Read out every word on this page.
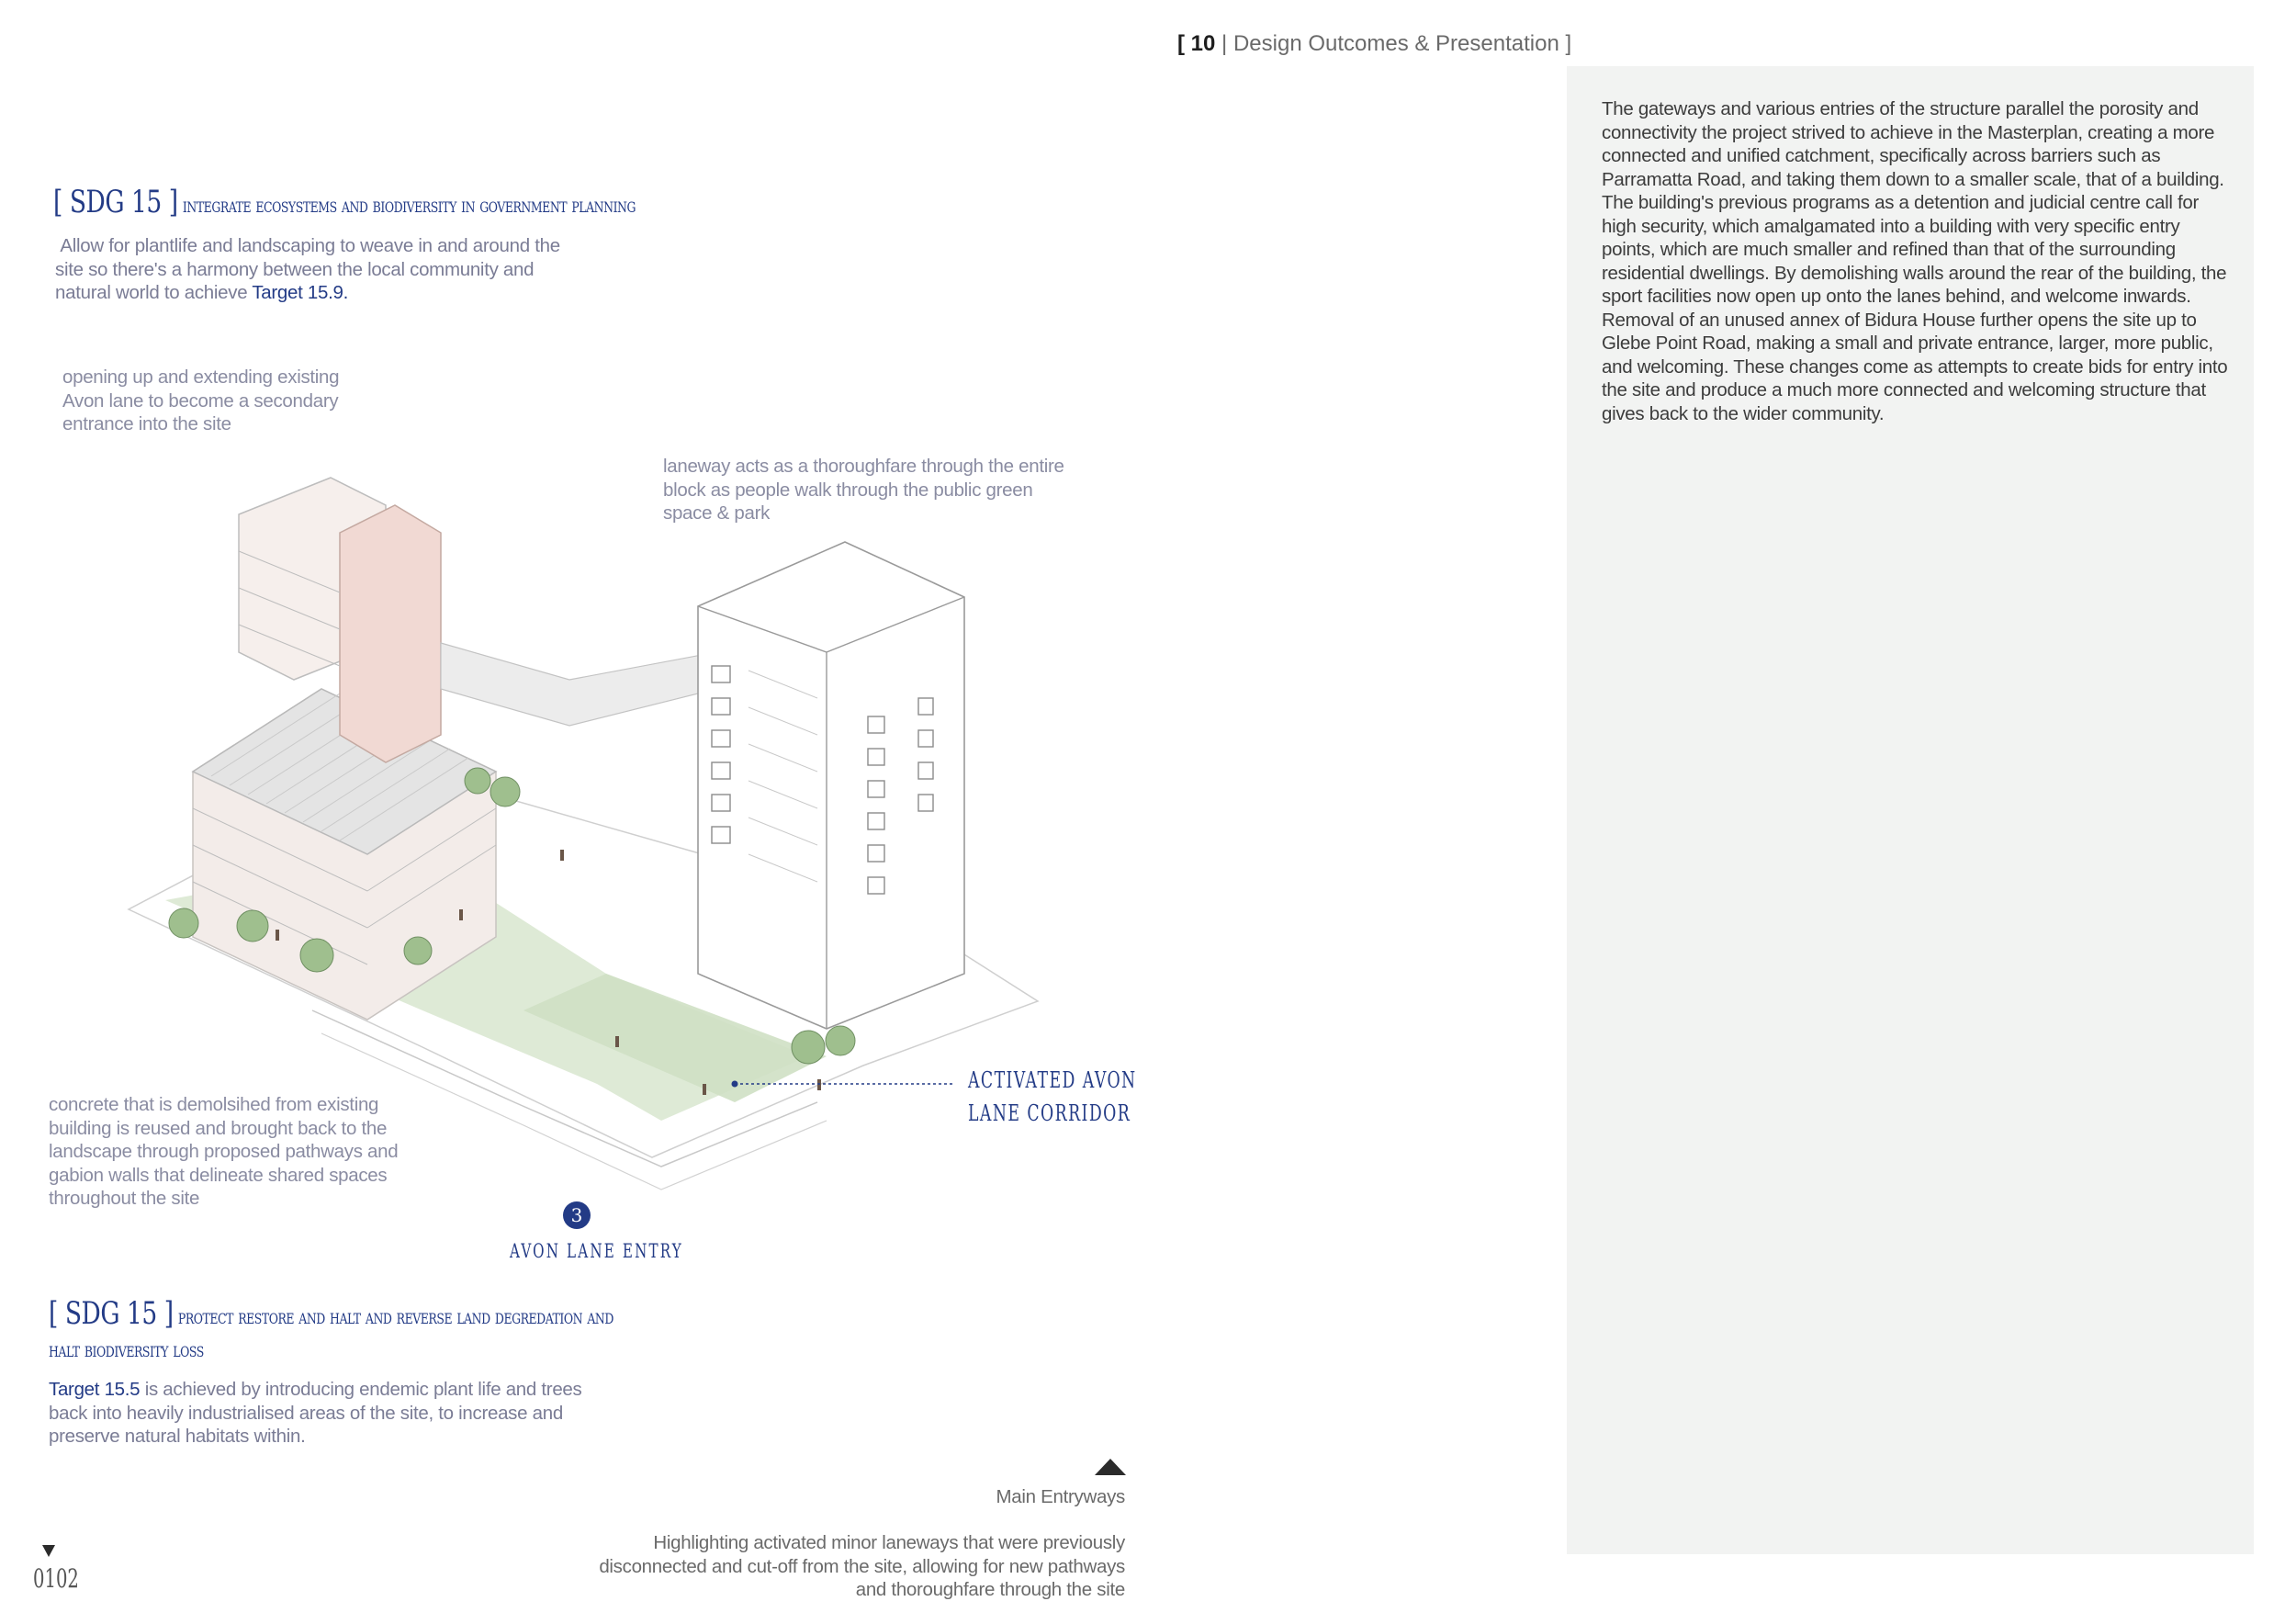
[ 10 | Design Outcomes & Presentation ]
The gateways and various entries of the structure parallel the porosity and connectivity the project strived to achieve in the Masterplan, creating a more connected and unified catchment, specifically across barriers such as Parramatta Road, and taking them down to a smaller scale, that of a building. The building's previous programs as a detention and judicial centre call for high security, which amalgamated into a building with very specific entry points, which are much smaller and refined than that of the surrounding residential dwellings. By demolishing walls around the rear of the building, the sport facilities now open up onto the lanes behind, and welcome inwards. Removal of an unused annex of Bidura House further opens the site up to Glebe Point Road, making a small and private entrance, larger, more public, and welcoming. These changes come as attempts to create bids for entry into the site and produce a much more connected and welcoming structure that gives back to the wider community.
[ SDG 15 ] integrate ecosystems and biodiversity in government planning
Allow for plantlife and landscaping to weave in and around the site so there's a harmony between the local community and natural world to achieve Target 15.9.
opening up and extending existing Avon lane to become a secondary entrance into the site
laneway acts as a thoroughfare through the entire block as people walk through the public green space & park
concrete that is demolsihed from existing building is reused and brought back to the landscape through proposed pathways and gabion walls that delineate shared spaces throughout the site
ACTIVATED AVON
LANE CORRIDOR
3
AVON LANE ENTRY
[ SDG 15 ] protect restore and halt and reverse land degredation and
halt biodiversity loss
Target 15.5 is achieved by introducing endemic plant life and trees back into heavily industrialised areas of the site, to increase and preserve natural habitats within.
Main Entryways
Highlighting activated minor laneways that were previously disconnected and cut-off from the site, allowing for new pathways and thoroughfare through the site
0102
